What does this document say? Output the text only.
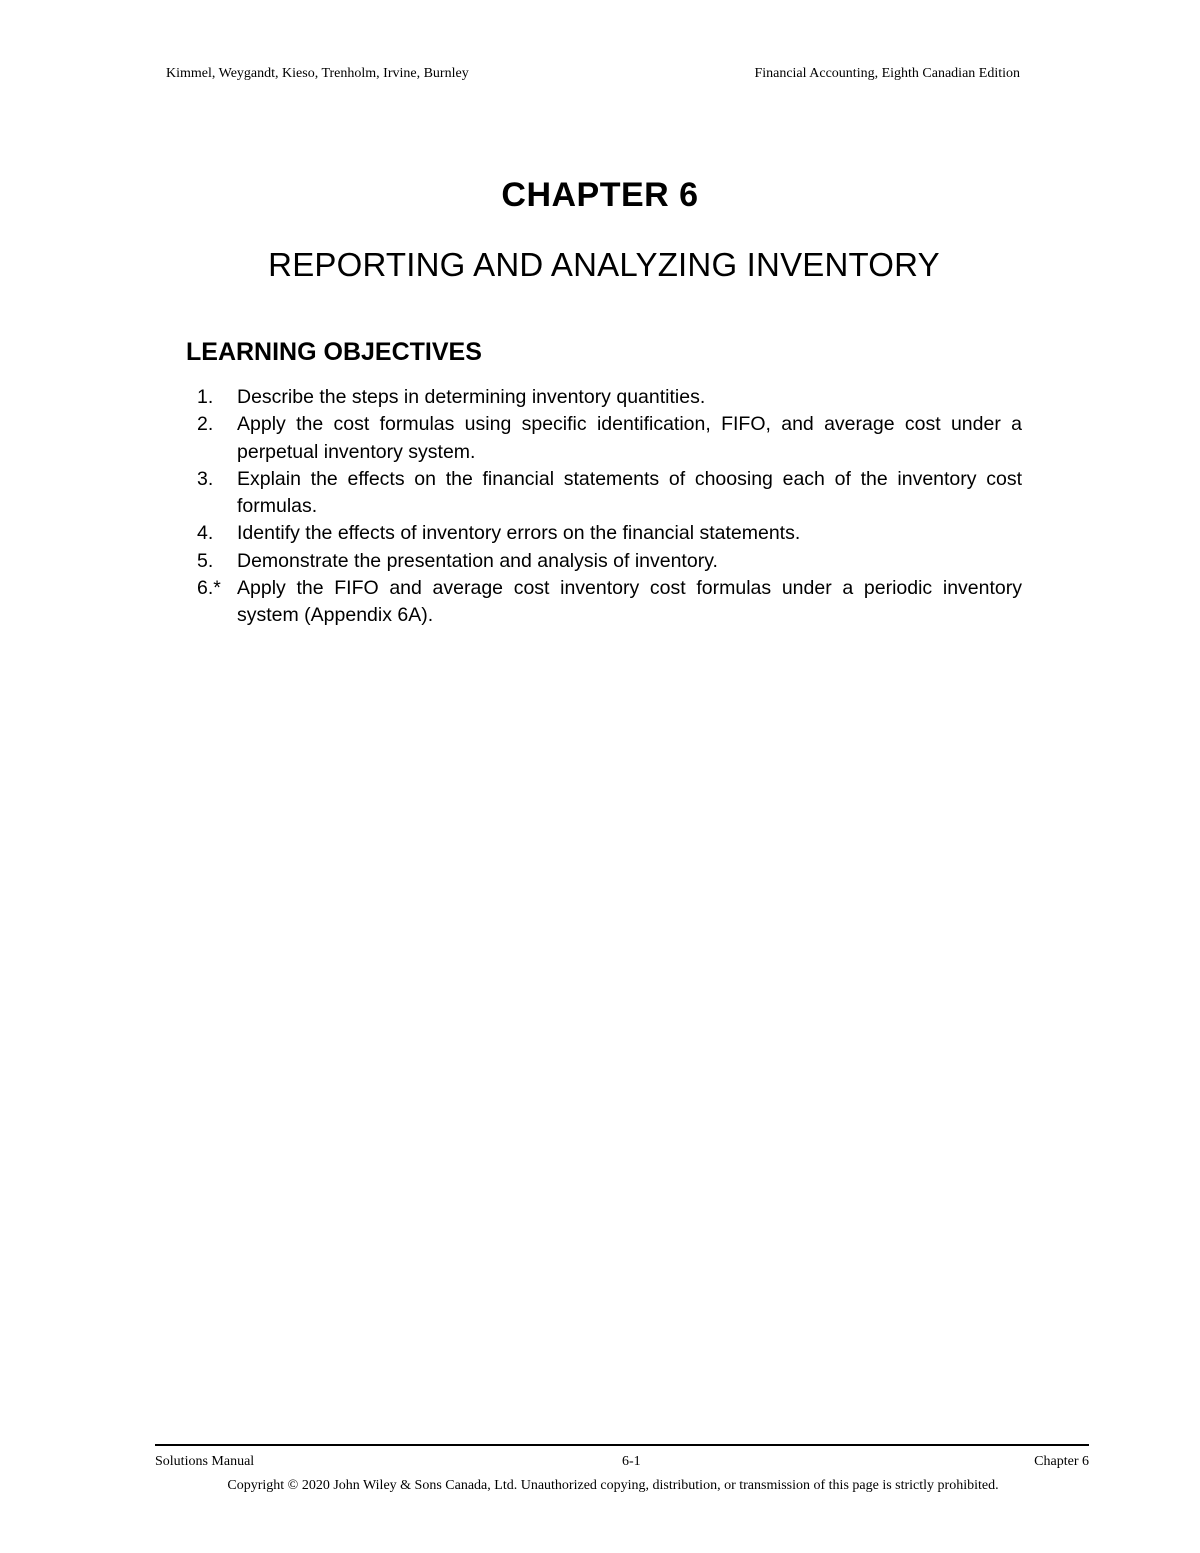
Kimmel, Weygandt, Kieso, Trenholm, Irvine, Burnley	Financial Accounting, Eighth Canadian Edition
CHAPTER 6
REPORTING AND ANALYZING INVENTORY
LEARNING OBJECTIVES
1.	Describe the steps in determining inventory quantities.
2.	Apply the cost formulas using specific identification, FIFO, and average cost under a perpetual inventory system.
3.	Explain the effects on the financial statements of choosing each of the inventory cost formulas.
4.	Identify the effects of inventory errors on the financial statements.
5.	Demonstrate the presentation and analysis of inventory.
6.* Apply the FIFO and average cost inventory cost formulas under a periodic inventory system (Appendix 6A).
Solutions Manual	6-1	Chapter 6
Copyright © 2020 John Wiley & Sons Canada, Ltd. Unauthorized copying, distribution, or transmission of this page is strictly prohibited.
